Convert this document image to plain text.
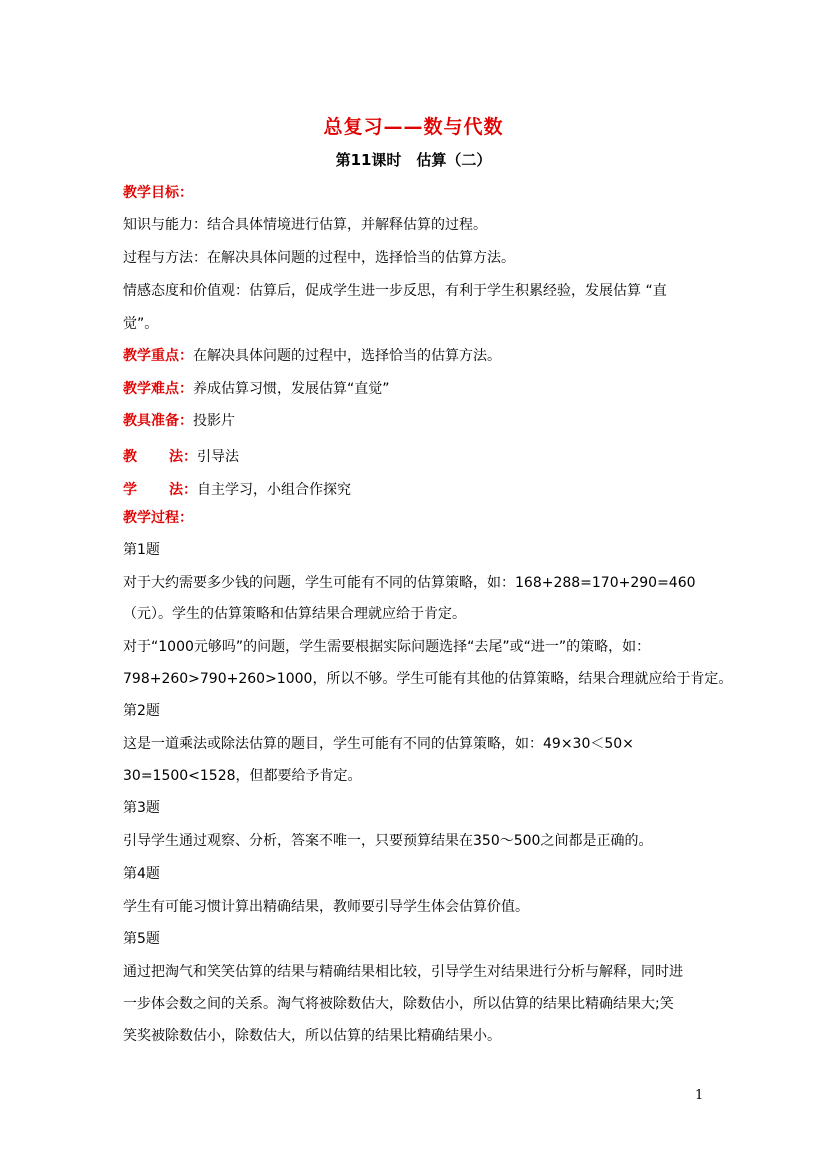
总复习——数与代数
第11课时　估算（二）
教学目标：
知识与能力：结合具体情境进行估算，并解释估算的过程。
过程与方法：在解决具体问题的过程中，选择恰当的估算方法。
情感态度和价值观：估算后，促成学生进一步反思，有利于学生积累经验，发展估算 “直
觉”。
教学重点：在解决具体问题的过程中，选择恰当的估算方法。
教学难点：养成估算习惯，发展估算“直觉”
教具准备：投影片
教 法：引导法
学 法：自主学习，小组合作探究
教学过程：
第1题
对于大约需要多少钱的问题，学生可能有不同的估算策略，如：168+288=170+290=460
（元）。学生的估算策略和估算结果合理就应给于肯定。
对于“1000元够吗”的问题，学生需要根据实际问题选择“去尾”或“进一”的策略，如：
798+260>790+260>1000，所以不够。学生可能有其他的估算策略，结果合理就应给于肯定。
第2题
这是一道乘法或除法估算的题目，学生可能有不同的估算策略，如：49×30＜50×
30=1500<1528，但都要给予肯定。
第3题
引导学生通过观察、分析，答案不唯一，只要预算结果在350～500之间都是正确的。
第4题
学生有可能习惯计算出精确结果，教师要引导学生体会估算价值。
第5题
通过把淘气和笑笑估算的结果与精确结果相比较，引导学生对结果进行分析与解释，同时进
一步体会数之间的关系。淘气将被除数估大，除数估小，所以估算的结果比精确结果大;笑
笑奖被除数估小，除数估大，所以估算的结果比精确结果小。
1
